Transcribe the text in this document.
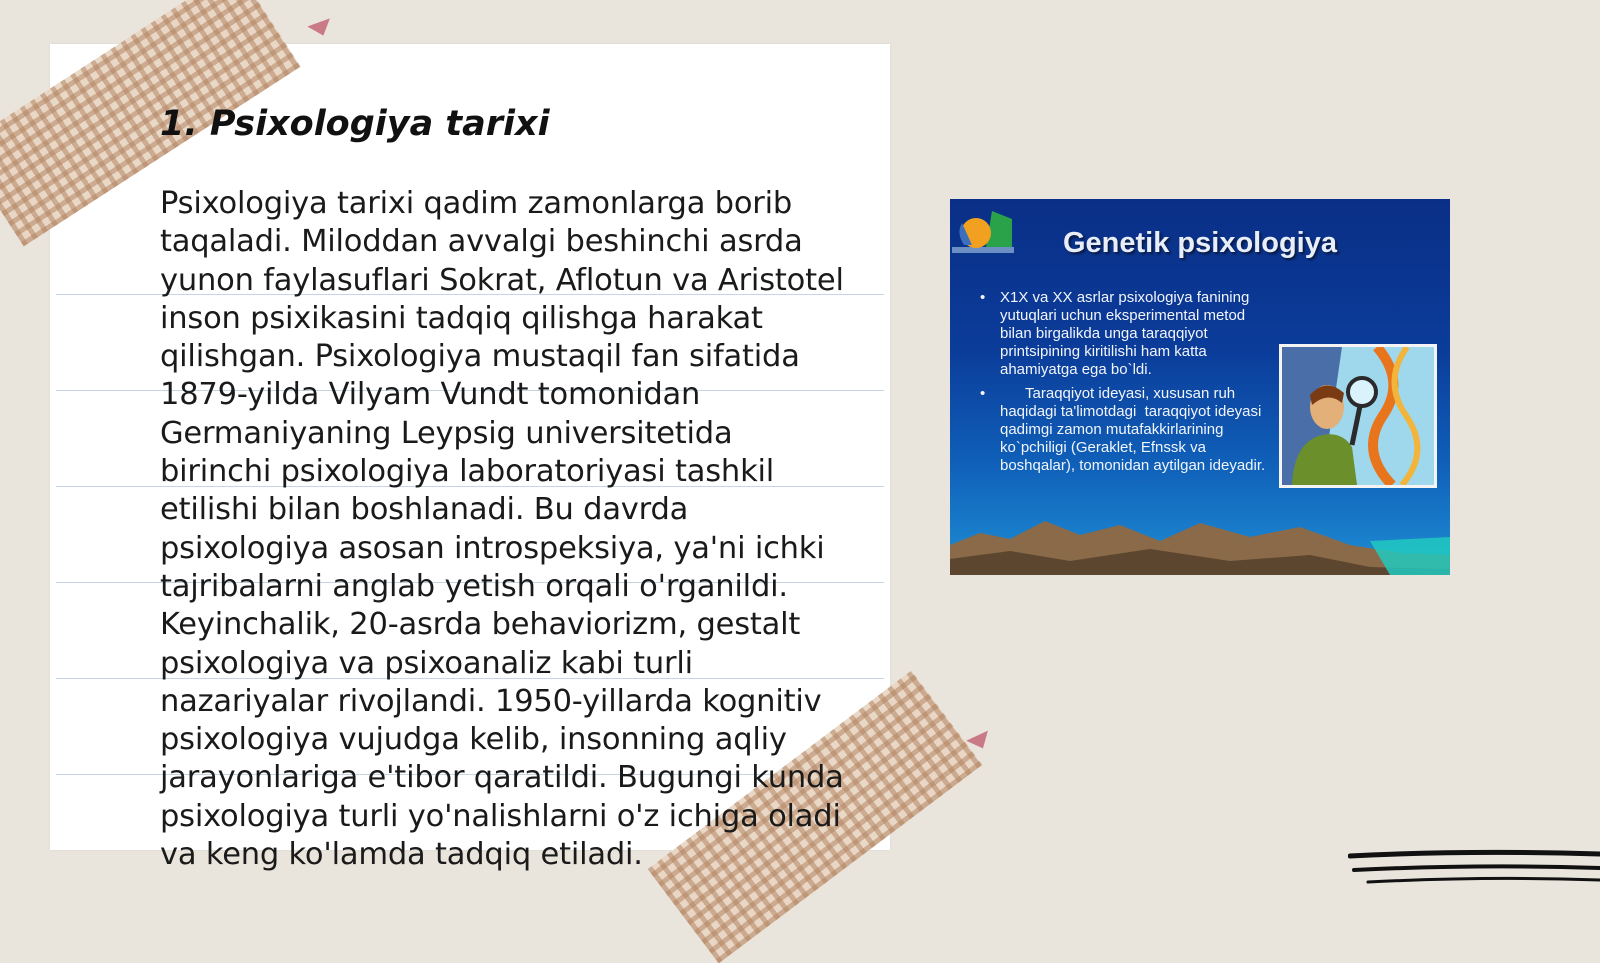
1. Psixologiya tarixi

Psixologiya tarixi qadim zamonlarga borib taqaladi. Miloddan avvalgi beshinchi asrda yunon faylasuflari Sokrat, Aflotun va Aristotel inson psixikasini tadqiq qilishga harakat qilishgan. Psixologiya mustaqil fan sifatida 1879-yilda Vilyam Vundt tomonidan Germaniyaning Leypsig universitetida birinchi psixologiya laboratoriyasi tashkil etilishi bilan boshlanadi. Bu davrda psixologiya asosan introspeksiya, ya'ni ichki tajribalarni anglab yetish orqali o'rganildi. Keyinchalik, 20-asrda behaviorizm, gestalt psixologiya va psixoanaliz kabi turli nazariyalar rivojlandi. 1950-yillarda kognitiv psixologiya vujudga kelib, insonning aqliy jarayonlariga e'tibor qaratildi. Bugungi kunda psixologiya turli yo'nalishlarni o'z ichiga oladi va keng ko'lamda tadqiq etiladi.

Genetik psixologiya
• X1X va XX asrlar psixologiya fanining yutuqlari uchun eksperimental metod bilan birgalikda unga taraqqiyot printsipining kiritilishi ham katta ahamiyatga ega bo`ldi.
•       Taraqqiyot ideyasi, xususan ruh haqidagi ta'limotdagi  taraqqiyot ideyasi qadimgi zamon mutafakkirlarining ko`pchiligi (Geraklet, Efnssk va boshqalar), tomonidan aytilgan ideyadir.
